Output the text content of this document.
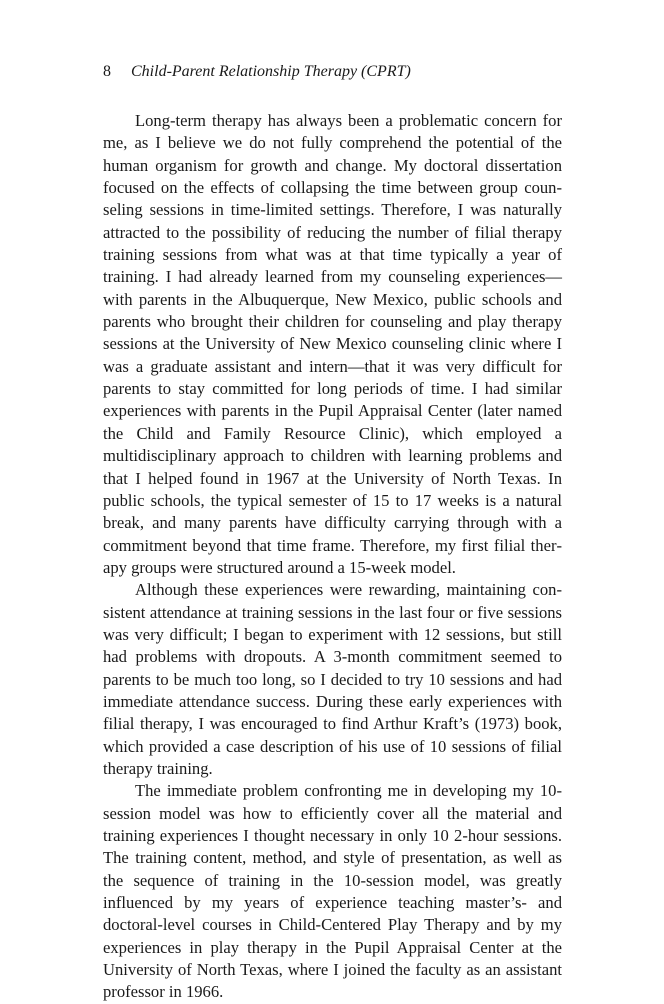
8 Child-Parent Relationship Therapy (CPRT)

Long-term therapy has always been a problematic concern for me, as I believe we do not fully comprehend the potential of the human organism for growth and change. My doctoral dissertation focused on the effects of collapsing the time between group counseling sessions in time-limited settings. Therefore, I was naturally attracted to the possibility of reducing the number of filial therapy training sessions from what was at that time typically a year of training. I had already learned from my counseling experiences—with parents in the Albuquerque, New Mexico, public schools and parents who brought their children for counseling and play therapy sessions at the University of New Mexico counseling clinic where I was a graduate assistant and intern—that it was very difficult for parents to stay committed for long periods of time. I had similar experiences with parents in the Pupil Appraisal Center (later named the Child and Family Resource Clinic), which employed a multidisciplinary approach to children with learning problems and that I helped found in 1967 at the University of North Texas. In public schools, the typical semester of 15 to 17 weeks is a natural break, and many parents have difficulty carrying through with a commitment beyond that time frame. Therefore, my first filial therapy groups were structured around a 15-week model.

Although these experiences were rewarding, maintaining consistent attendance at training sessions in the last four or five sessions was very difficult; I began to experiment with 12 sessions, but still had problems with dropouts. A 3-month commitment seemed to parents to be much too long, so I decided to try 10 sessions and had immediate attendance success. During these early experiences with filial therapy, I was encouraged to find Arthur Kraft’s (1973) book, which provided a case description of his use of 10 sessions of filial therapy training.

The immediate problem confronting me in developing my 10-session model was how to efficiently cover all the material and training experiences I thought necessary in only 10 2-hour sessions. The training content, method, and style of presentation, as well as the sequence of training in the 10-session model, was greatly influenced by my years of experience teaching master’s- and doctoral-level courses in Child-Centered Play Therapy and by my experiences in play therapy in the Pupil Appraisal Center at the University of North Texas, where I joined the faculty as an assistant professor in 1966.
